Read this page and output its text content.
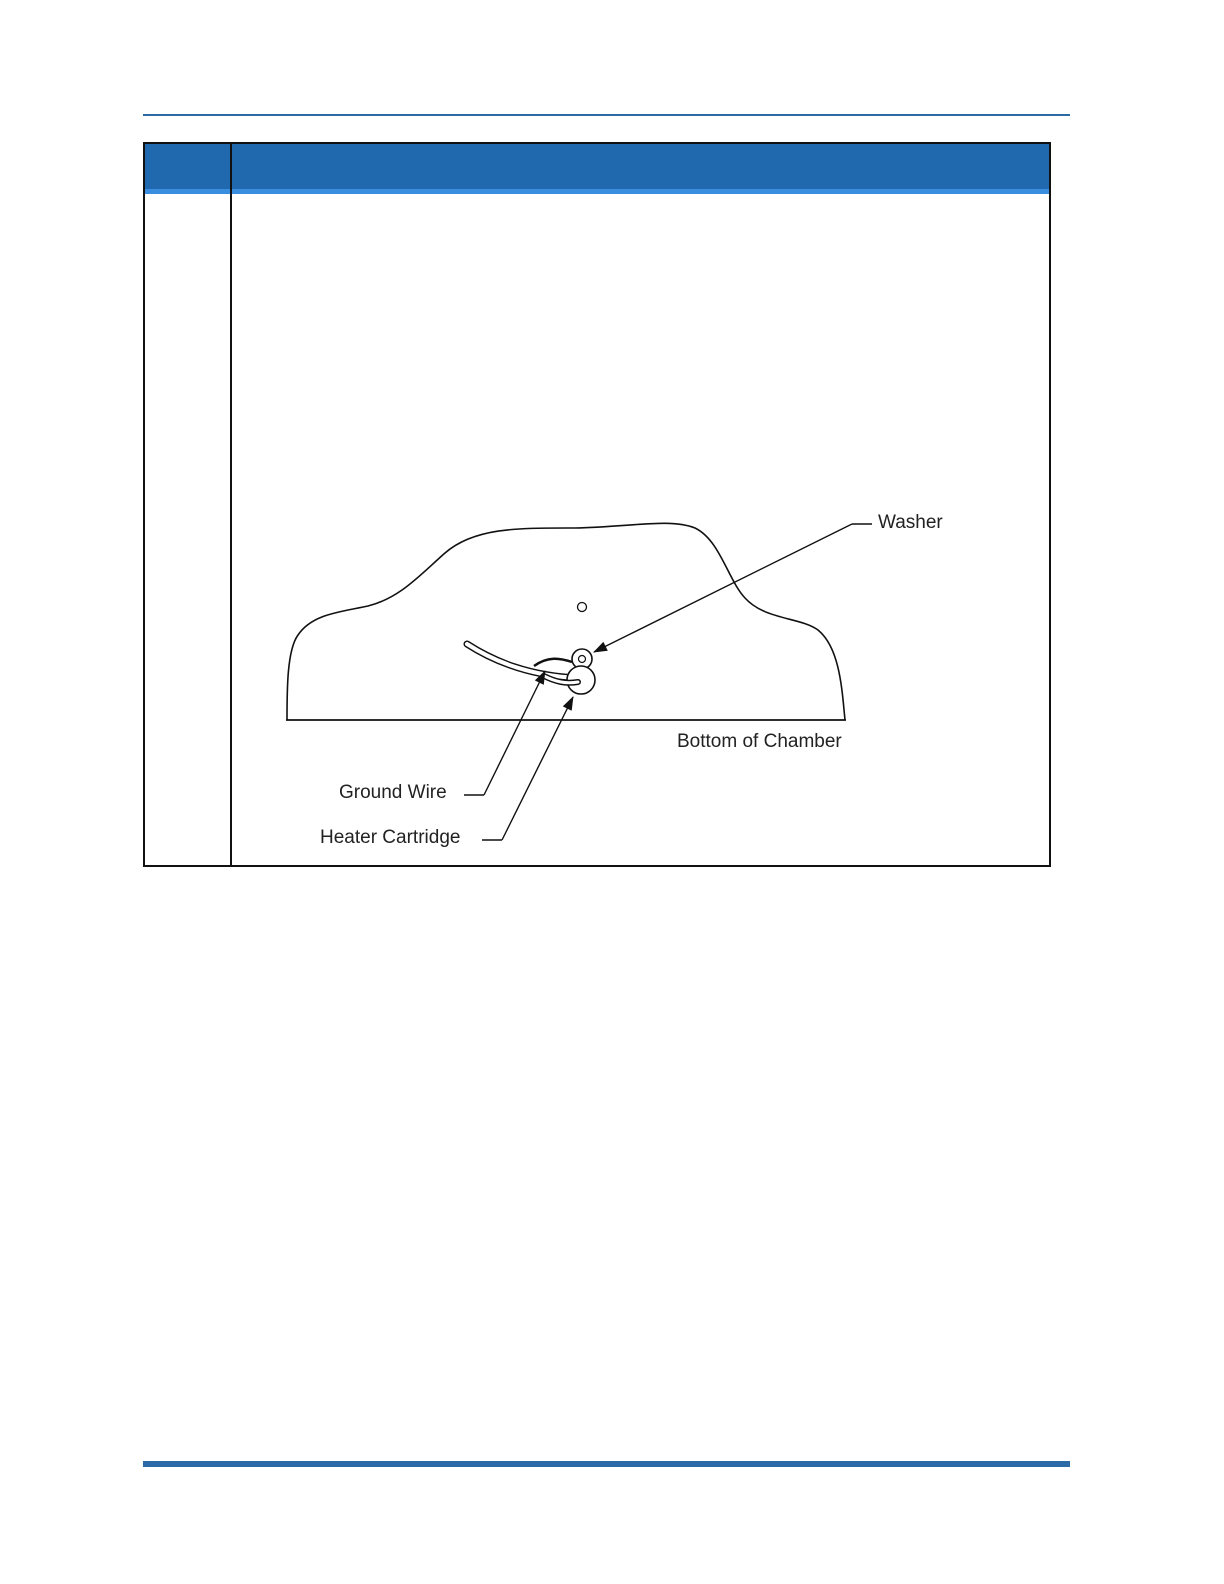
Washer
Bottom of Chamber
Ground Wire
Heater Cartridge
